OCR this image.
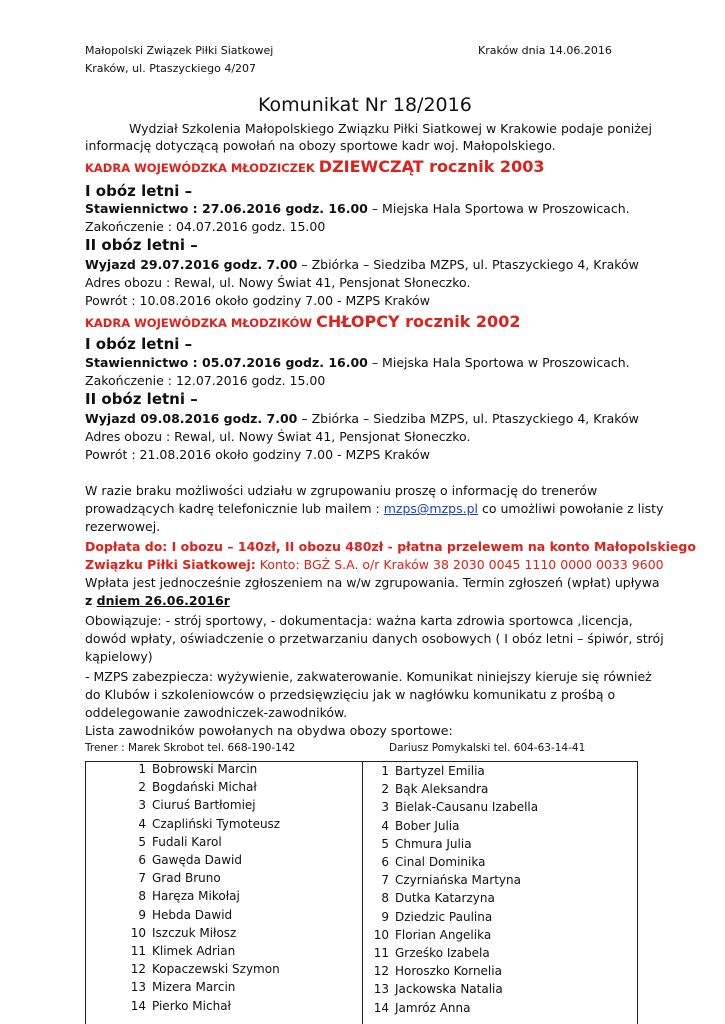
Małopolski Związek Piłki Siatkowej
Kraków, ul. Ptaszyckiego 4/207
Kraków dnia 14.06.2016
Komunikat Nr 18/2016
Wydział Szkolenia Małopolskiego Związku Piłki Siatkowej w Krakowie podaje poniżej
informację dotyczącą powołań na obozy sportowe kadr woj. Małopolskiego.
KADRA WOJEWÓDZKA MŁODZICZEK DZIEWCZĄT rocznik 2003
I obóz letni –
Stawiennictwo : 27.06.2016 godz. 16.00 – Miejska Hala Sportowa w Proszowicach.
Zakończenie : 04.07.2016 godz. 15.00
II obóz letni –
Wyjazd 29.07.2016 godz. 7.00 – Zbiórka – Siedziba MZPS, ul. Ptaszyckiego 4, Kraków
Adres obozu : Rewal, ul. Nowy Świat 41, Pensjonat Słoneczko.
Powrót : 10.08.2016 około godziny 7.00 - MZPS Kraków
KADRA WOJEWÓDZKA MŁODZIKÓW CHŁOPCY rocznik 2002
I obóz letni –
Stawiennictwo : 05.07.2016 godz. 16.00 – Miejska Hala Sportowa w Proszowicach.
Zakończenie : 12.07.2016 godz. 15.00
II obóz letni –
Wyjazd 09.08.2016 godz. 7.00 – Zbiórka – Siedziba MZPS, ul. Ptaszyckiego 4, Kraków
Adres obozu : Rewal, ul. Nowy Świat 41, Pensjonat Słoneczko.
Powrót : 21.08.2016 około godziny 7.00 - MZPS Kraków
W razie braku możliwości udziału w zgrupowaniu proszę o informację do trenerów
prowadzących kadrę telefonicznie lub mailem : mzps@mzps.pl co umożliwi powołanie z listy
rezerwowej.
Dopłata do: I obozu – 140zł, II obozu 480zł - płatna przelewem na konto Małopolskiego
Związku Piłki Siatkowej: Konto: BGŻ S.A. o/r Kraków 38 2030 0045 1110 0000 0033 9600
Wpłata jest jednocześnie zgłoszeniem na w/w zgrupowania. Termin zgłoszeń (wpłat) upływa
z dniem 26.06.2016r
Obowiązuje: - strój sportowy, - dokumentacja: ważna karta zdrowia sportowca ,licencja,
dowód wpłaty, oświadczenie o przetwarzaniu danych osobowych ( I obóz letni – śpiwór, strój
kąpielowy)
- MZPS zabezpiecza: wyżywienie, zakwaterowanie. Komunikat niniejszy kieruje się również
do Klubów i szkoleniowców o przedsięwzięciu jak w nagłówku komunikatu z prośbą o
oddelegowanie zawodniczek-zawodników.
Lista zawodników powołanych na obydwa obozy sportowe:
Trener : Marek Skrobot tel. 668-190-142	Dariusz Pomykalski tel. 604-63-14-41
1 Bobrowski Marcin
2 Bogdański Michał
3 Ciuruś Bartłomiej
4 Czapliński Tymoteusz
5 Fudali Karol
6 Gawęda Dawid
7 Grad Bruno
8 Haręza Mikołaj
9 Hebda Dawid
10 Iszczuk Miłosz
11 Klimek Adrian
12 Kopaczewski Szymon
13 Mizera Marcin
14 Pierko Michał
1 Bartyzel Emilia
2 Bąk Aleksandra
3 Bielak-Causanu Izabella
4 Bober Julia
5 Chmura Julia
6 Cinal Dominika
7 Czyrniańska Martyna
8 Dutka Katarzyna
9 Dziedzic Paulina
10 Florian Angelika
11 Grześko Izabela
12 Horoszko Kornelia
13 Jackowska Natalia
14 Jamróz Anna
